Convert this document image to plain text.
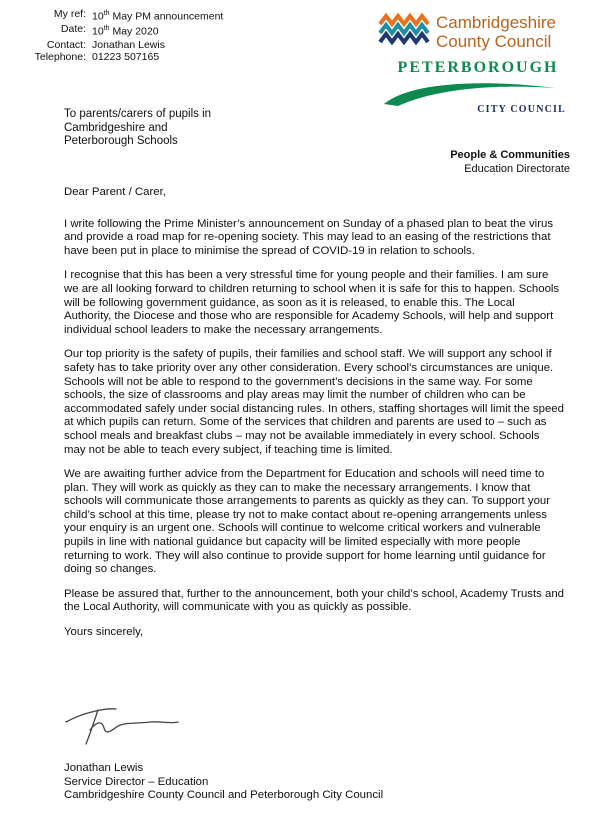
My ref: 10th May PM announcement
Date: 10th May 2020
Contact: Jonathan Lewis
Telephone: 01223 507165
Cambridgeshire
County Council
PETERBOROUGH
CITY COUNCIL
To parents/carers of pupils in
Cambridgeshire and
Peterborough Schools
People & Communities
Education Directorate

Dear Parent / Carer,

I write following the Prime Minister’s announcement on Sunday of a phased plan to beat the virus and provide a road map for re-opening society. This may lead to an easing of the restrictions that have been put in place to minimise the spread of COVID-19 in relation to schools.

I recognise that this has been a very stressful time for young people and their families. I am sure we are all looking forward to children returning to school when it is safe for this to happen. Schools will be following government guidance, as soon as it is released, to enable this. The Local Authority, the Diocese and those who are responsible for Academy Schools, will help and support individual school leaders to make the necessary arrangements.

Our top priority is the safety of pupils, their families and school staff. We will support any school if safety has to take priority over any other consideration. Every school’s circumstances are unique. Schools will not be able to respond to the government’s decisions in the same way. For some schools, the size of classrooms and play areas may limit the number of children who can be accommodated safely under social distancing rules. In others, staffing shortages will limit the speed at which pupils can return. Some of the services that children and parents are used to – such as school meals and breakfast clubs – may not be available immediately in every school. Schools may not be able to teach every subject, if teaching time is limited.

We are awaiting further advice from the Department for Education and schools will need time to plan. They will work as quickly as they can to make the necessary arrangements. I know that schools will communicate those arrangements to parents as quickly as they can. To support your child’s school at this time, please try not to make contact about re-opening arrangements unless your enquiry is an urgent one. Schools will continue to welcome critical workers and vulnerable pupils in line with national guidance but capacity will be limited especially with more people returning to work. They will also continue to provide support for home learning until guidance for doing so changes.

Please be assured that, further to the announcement, both your child’s school, Academy Trusts and the Local Authority, will communicate with you as quickly as possible.

Yours sincerely,

Jonathan Lewis
Service Director – Education
Cambridgeshire County Council and Peterborough City Council
